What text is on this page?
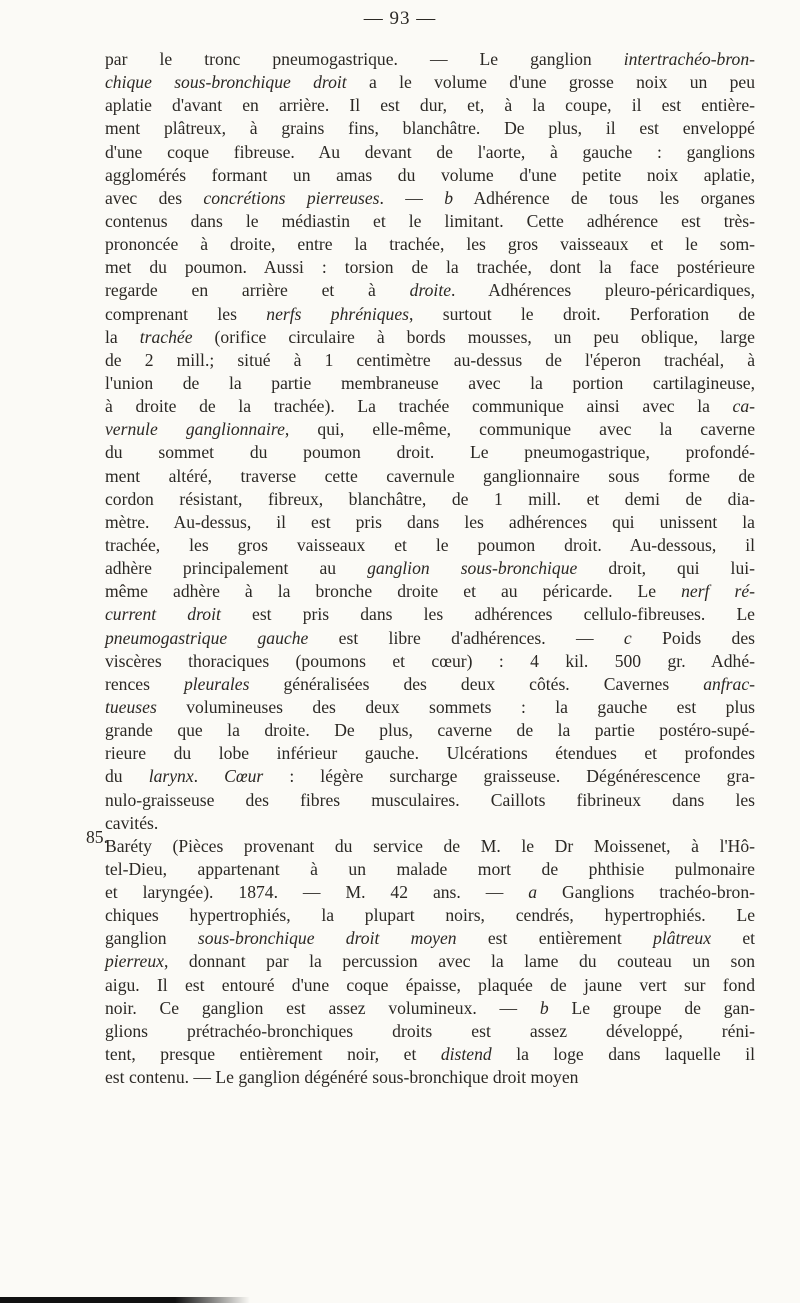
— 93 —
85.
par le tronc pneumogastrique. — Le ganglion intertrachéo-bron-
chique sous-bronchique droit a le volume d'une grosse noix un peu
aplatie d'avant en arrière. Il est dur, et, à la coupe, il est entière-
ment plâtreux, à grains fins, blanchâtre. De plus, il est enveloppé
d'une coque fibreuse. Au devant de l'aorte, à gauche : ganglions
agglomérés formant un amas du volume d'une petite noix aplatie,
avec des concrétions pierreuses. — b Adhérence de tous les organes
contenus dans le médiastin et le limitant. Cette adhérence est très-
prononcée à droite, entre la trachée, les gros vaisseaux et le som-
met du poumon. Aussi : torsion de la trachée, dont la face postérieure
regarde en arrière et à droite. Adhérences pleuro-péricardiques,
comprenant les nerfs phréniques, surtout le droit. Perforation de
la trachée (orifice circulaire à bords mousses, un peu oblique, large
de 2 mill.; situé à 1 centimètre au-dessus de l'éperon trachéal, à
l'union de la partie membraneuse avec la portion cartilagineuse,
à droite de la trachée). La trachée communique ainsi avec la ca-
vernule ganglionnaire, qui, elle-même, communique avec la caverne
du sommet du poumon droit. Le pneumogastrique, profondé-
ment altéré, traverse cette cavernule ganglionnaire sous forme de
cordon résistant, fibreux, blanchâtre, de 1 mill. et demi de dia-
mètre. Au-dessus, il est pris dans les adhérences qui unissent la
trachée, les gros vaisseaux et le poumon droit. Au-dessous, il
adhère principalement au ganglion sous-bronchique droit, qui lui-
même adhère à la bronche droite et au péricarde. Le nerf ré-
current droit est pris dans les adhérences cellulo-fibreuses. Le
pneumogastrique gauche est libre d'adhérences. — c Poids des
viscères thoraciques (poumons et cœur) : 4 kil. 500 gr. Adhé-
rences pleurales généralisées des deux côtés. Cavernes anfrac-
tueuses volumineuses des deux sommets : la gauche est plus
grande que la droite. De plus, caverne de la partie postéro-supé-
rieure du lobe inférieur gauche. Ulcérations étendues et profondes
du larynx. Cœur : légère surcharge graisseuse. Dégénérescence gra-
nulo-graisseuse des fibres musculaires. Caillots fibrineux dans les
cavités.
Baréty (Pièces provenant du service de M. le Dr Moissenet, à l'Hô-
tel-Dieu, appartenant à un malade mort de phthisie pulmonaire
et laryngée). 1874. — M. 42 ans. — a Ganglions trachéo-bron-
chiques hypertrophiés, la plupart noirs, cendrés, hypertrophiés. Le
ganglion sous-bronchique droit moyen est entièrement plâtreux et
pierreux, donnant par la percussion avec la lame du couteau un son
aigu. Il est entouré d'une coque épaisse, plaquée de jaune vert sur fond
noir. Ce ganglion est assez volumineux. — b Le groupe de gan-
glions prétrachéo-bronchiques droits est assez développé, réni-
tent, presque entièrement noir, et distend la loge dans laquelle il
est contenu. — Le ganglion dégénéré sous-bronchique droit moyen
